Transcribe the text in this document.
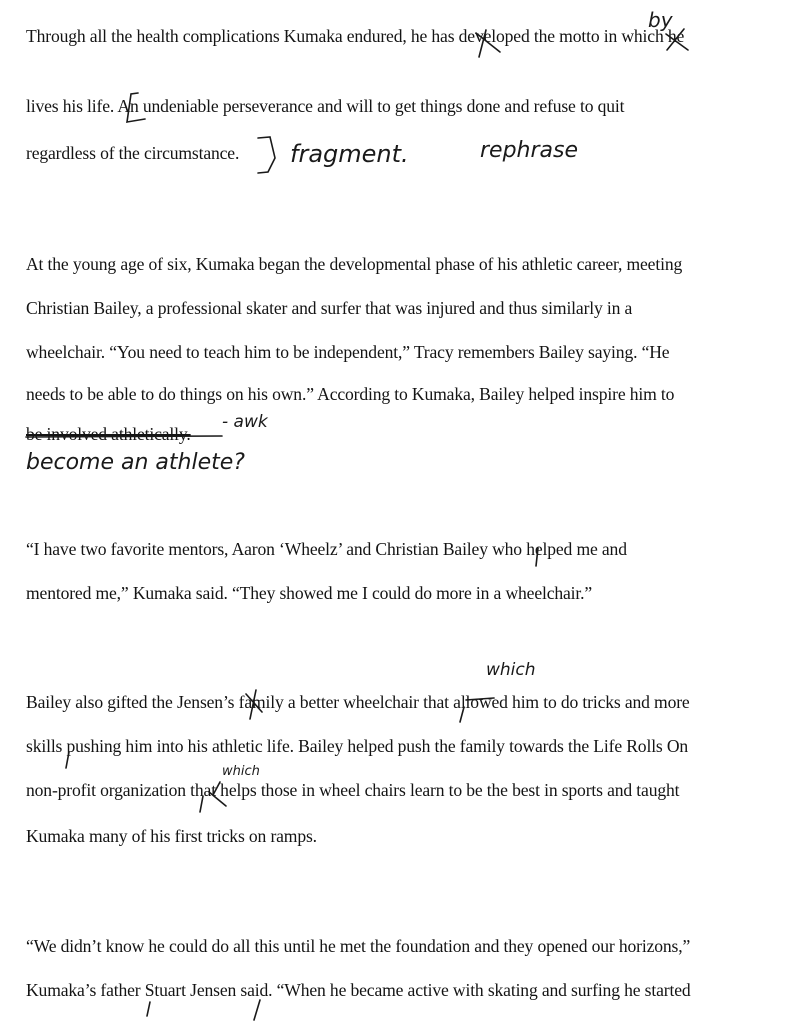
Through all the health complications Kumaka endured, he has developed the motto in which he
lives his life. An undeniable perseverance and will to get things done and refuse to quit
regardless of the circumstance.
by
fragment.	rephrase
At the young age of six, Kumaka began the developmental phase of his athletic career, meeting
Christian Bailey, a professional skater and surfer that was injured and thus similarly in a
wheelchair. “You need to teach him to be independent,” Tracy remembers Bailey saying. “He
needs to be able to do things on his own.” According to Kumaka, Bailey helped inspire him to
be involved athletically.
- awk
become an athlete?
“I have two favorite mentors, Aaron ‘Wheelz’ and Christian Bailey who helped me and
mentored me,” Kumaka said. “They showed me I could do more in a wheelchair.”
Bailey also gifted the Jensen’s family a better wheelchair that allowed him to do tricks and more
skills pushing him into his athletic life. Bailey helped push the family towards the Life Rolls On
non-profit organization that helps those in wheel chairs learn to be the best in sports and taught
Kumaka many of his first tricks on ramps.
which
which
“We didn’t know he could do all this until he met the foundation and they opened our horizons,”
Kumaka’s father Stuart Jensen said. “When he became active with skating and surfing he started
